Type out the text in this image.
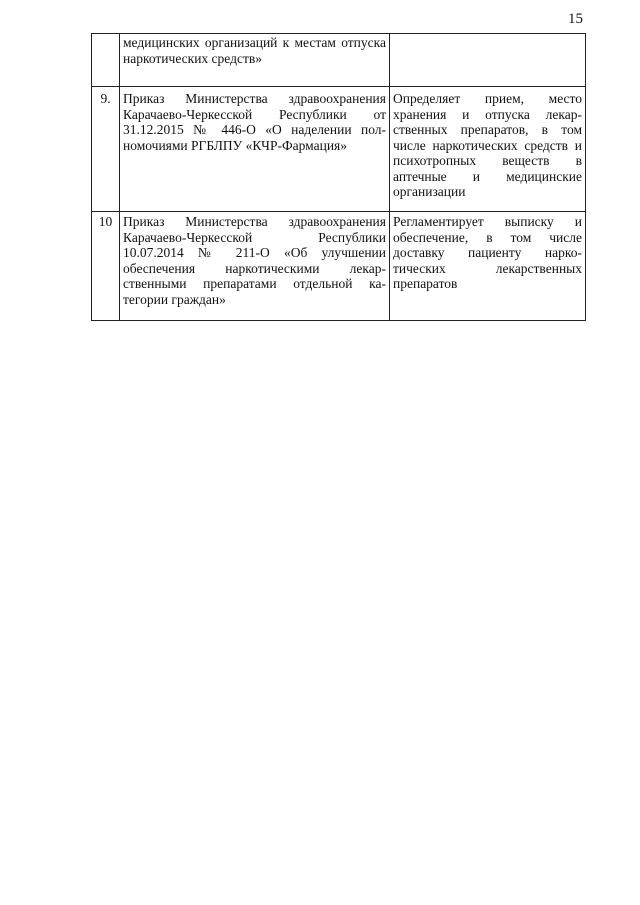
15
	медицинских организаций к местам отпуска наркотических средств»	
9.	Приказ Министерства здравоохранения Карачаево-Черкесской Республики от 31.12.2015 № 446-О «О наделении полномочиями РГБЛПУ «КЧР-Фармация»	Определяет прием, место хранения и отпуска лекарственных препаратов, в том числе наркотических средств и психотропных веществ в аптечные и медицинские организации
10	Приказ Министерства здравоохранения Карачаево-Черкесской Республики 10.07.2014 № 211-О «Об улучшении обеспечения наркотическими лекарственными препаратами отдельной категории граждан»	Регламентирует выписку и обеспечение, в том числе доставку пациенту наркотических лекарственных препаратов
